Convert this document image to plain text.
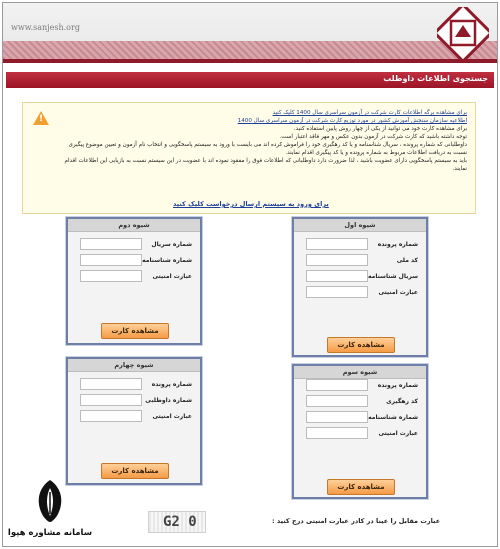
www.sanjesh.org
جستجوی اطلاعات داوطلب
!
برای مشاهده برگه اطلاعات کارت شرکت در آزمون سراسری سال 1400 کلیک کنید
اطلاعیه سازمان سنجش آموزش کشور در مورد توزیع کارت شرکت در آزمون سراسری سال 1400
برای مشاهده کارت خود می توانید از یکی از چهار روش پایین استفاده کنید.
توجه داشته باشید که کارت شرکت در آزمون بدون عکس و مهر فاقد اعتبار است.
داوطلبانی که شماره پرونده ، سریال شناسنامه و یا کد رهگیری خود را فراموش کرده اند می بایست با ورود به سیستم پاسخگویی و انتخاب نام آزمون و تعیین موضوع پیگیری نسبت به دریافت اطلاعات مربوط به شماره پرونده و یا کد پیگیری اقدام نمایند.
باید به سیستم پاسخگویی دارای عضویت باشید ، لذا ضرورت دارد داوطلبانی که اطلاعات فوق را مفقود نموده اند با عضویت در این سیستم نسبت به بازیابی این اطلاعات اقدام نمایند.
برای ورود به سیستم ارسال درخواست کلیک کنید
شیوه اول
شماره پرونده
کد ملی
سریال شناسنامه
عبارت امنیتی
مشاهده کارت
شیوه دوم
شماره سریال
شماره شناسنامه
عبارت امنیتی
مشاهده کارت
شیوه سوم
شماره پرونده
کد رهگیری
شماره شناسنامه
عبارت امنیتی
مشاهده کارت
شیوه چهارم
شماره پرونده
شماره داوطلبی
عبارت امنیتی
مشاهده کارت
G2 0	عبارت مقابل را عینا در کادر عبارت امنیتی درج کنید :
سامانه مشاوره هپوا
